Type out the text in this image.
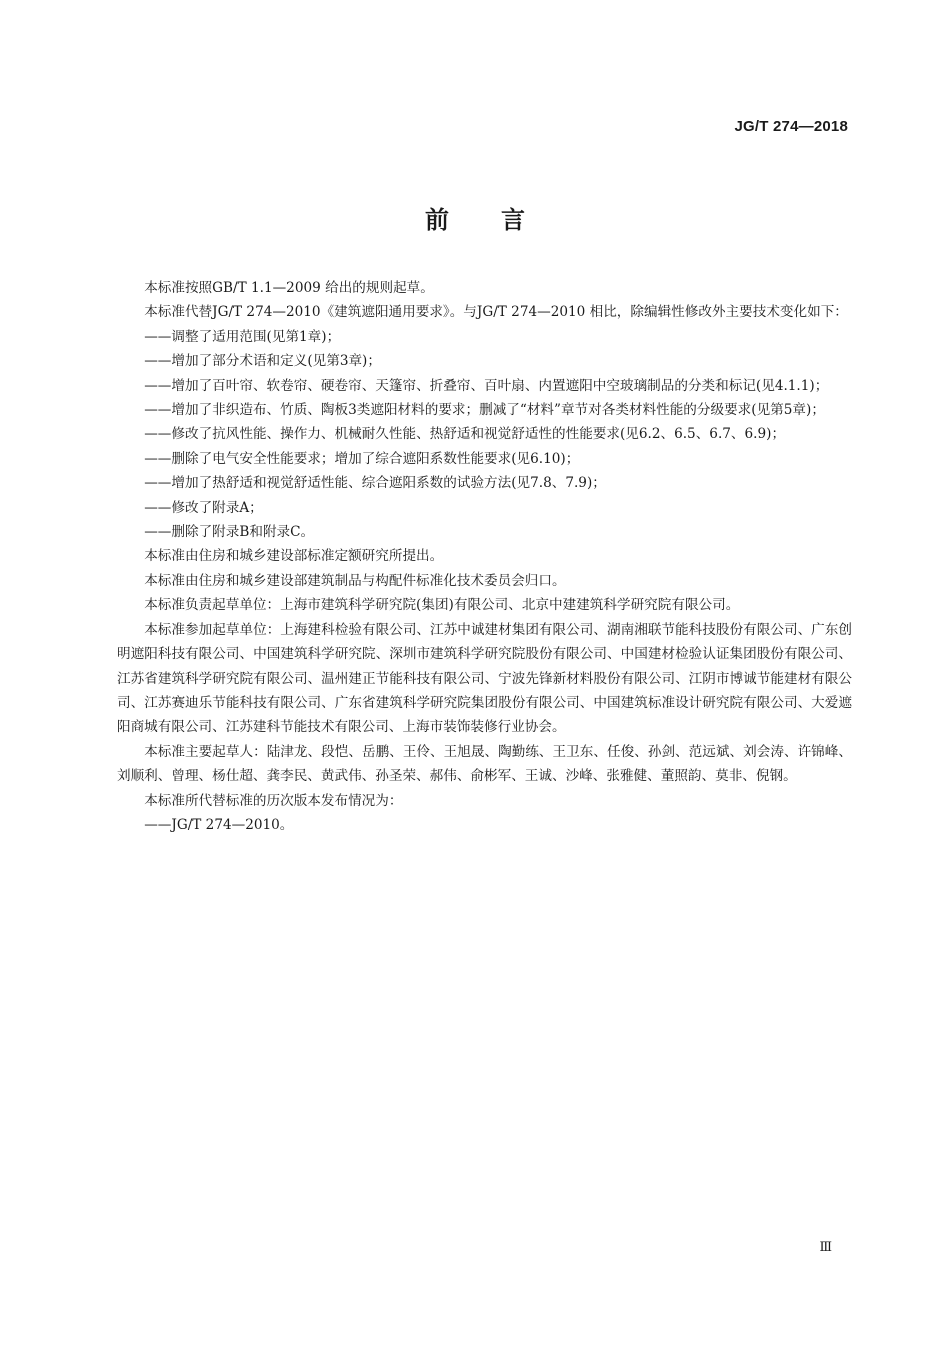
JG/T 274—2018
前言

本标准按照GB/T 1.1—2009 给出的规则起草。

本标准代替JG/T 274—2010《建筑遮阳通用要求》。与JG/T 274—2010 相比，除编辑性修改外主要技术变化如下：

——调整了适用范围(见第1章)；

——增加了部分术语和定义(见第3章)；

——增加了百叶帘、软卷帘、硬卷帘、天篷帘、折叠帘、百叶扇、内置遮阳中空玻璃制品的分类和标记(见4.1.1)；

——增加了非织造布、竹质、陶板3类遮阳材料的要求；删减了“材料”章节对各类材料性能的分级要求(见第5章)；

——修改了抗风性能、操作力、机械耐久性能、热舒适和视觉舒适性的性能要求(见6.2、6.5、6.7、6.9)；

——删除了电气安全性能要求；增加了综合遮阳系数性能要求(见6.10)；

——增加了热舒适和视觉舒适性能、综合遮阳系数的试验方法(见7.8、7.9)；

——修改了附录A；

——删除了附录B和附录C。

本标准由住房和城乡建设部标准定额研究所提出。

本标准由住房和城乡建设部建筑制品与构配件标准化技术委员会归口。

本标准负责起草单位：上海市建筑科学研究院(集团)有限公司、北京中建建筑科学研究院有限公司。

本标准参加起草单位：上海建科检验有限公司、江苏中诚建材集团有限公司、湖南湘联节能科技股份有限公司、广东创明遮阳科技有限公司、中国建筑科学研究院、深圳市建筑科学研究院股份有限公司、中国建材检验认证集团股份有限公司、江苏省建筑科学研究院有限公司、温州建正节能科技有限公司、宁波先锋新材料股份有限公司、江阴市博诚节能建材有限公司、江苏赛迪乐节能科技有限公司、广东省建筑科学研究院集团股份有限公司、中国建筑标准设计研究院有限公司、大爱遮阳商城有限公司、江苏建科节能技术有限公司、上海市装饰装修行业协会。

本标准主要起草人：陆津龙、段恺、岳鹏、王伶、王旭晟、陶勤练、王卫东、任俊、孙剑、范远斌、刘会涛、许锦峰、刘顺利、曾理、杨仕超、龚李民、黄武伟、孙圣荣、郝伟、俞彬军、王诚、沙峰、张雅健、董照韵、莫非、倪钢。

本标准所代替标准的历次版本发布情况为：

——JG/T 274—2010。

Ⅲ
